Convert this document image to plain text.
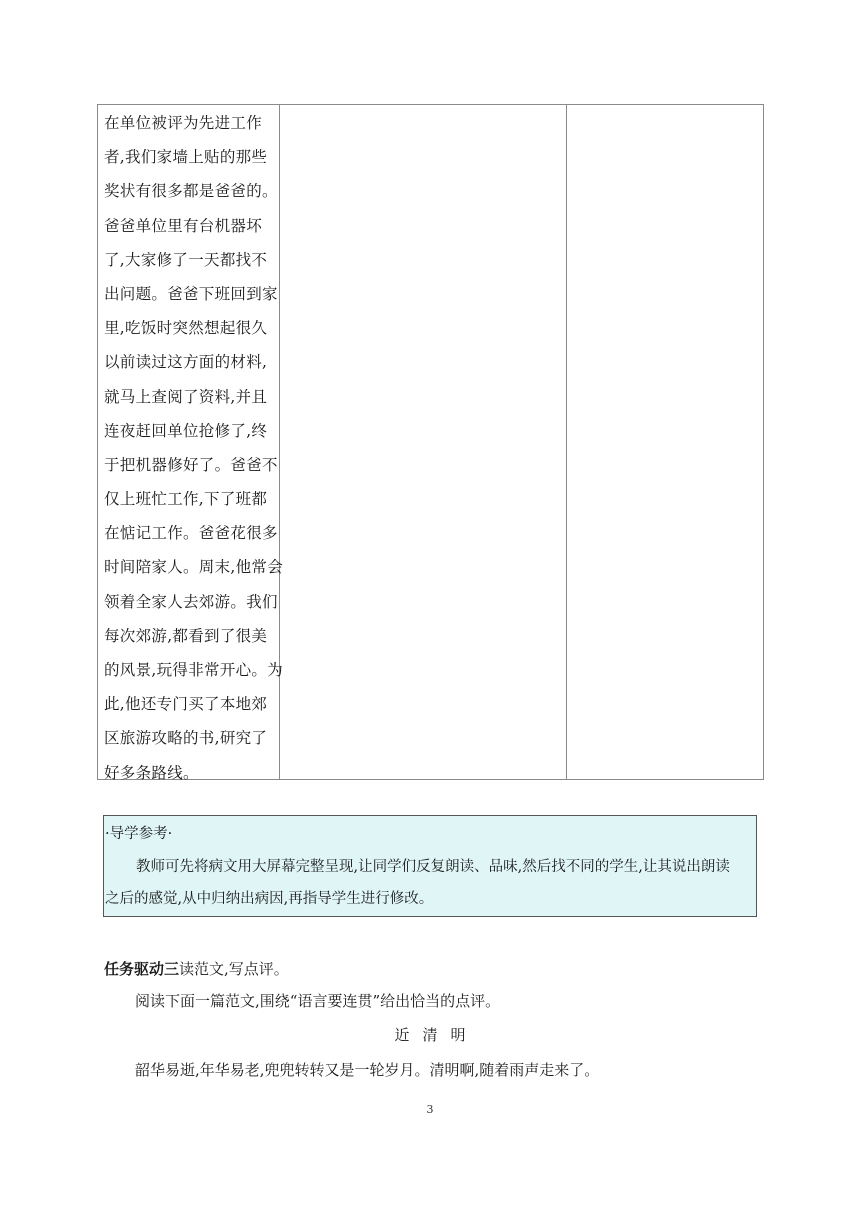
在单位被评为先进工作
者,我们家墙上贴的那些
奖状有很多都是爸爸的。
爸爸单位里有台机器坏
了,大家修了一天都找不
出问题。爸爸下班回到家
里,吃饭时突然想起很久
以前读过这方面的材料,
就马上查阅了资料,并且
连夜赶回单位抢修了,终
于把机器修好了。爸爸不
仅上班忙工作,下了班都
在惦记工作。爸爸花很多
时间陪家人。周末,他常会
领着全家人去郊游。我们
每次郊游,都看到了很美
的风景,玩得非常开心。为
此,他还专门买了本地郊
区旅游攻略的书,研究了
好多条路线。
·导学参考·
教师可先将病文用大屏幕完整呈现,让同学们反复朗读、品味,然后找不同的学生,让其说出朗读
之后的感觉,从中归纳出病因,再指导学生进行修改。
任务驱动三读范文,写点评。
阅读下面一篇范文,围绕“语言要连贯”给出恰当的点评。
近清明
韶华易逝,年华易老,兜兜转转又是一轮岁月。清明啊,随着雨声走来了。
3
